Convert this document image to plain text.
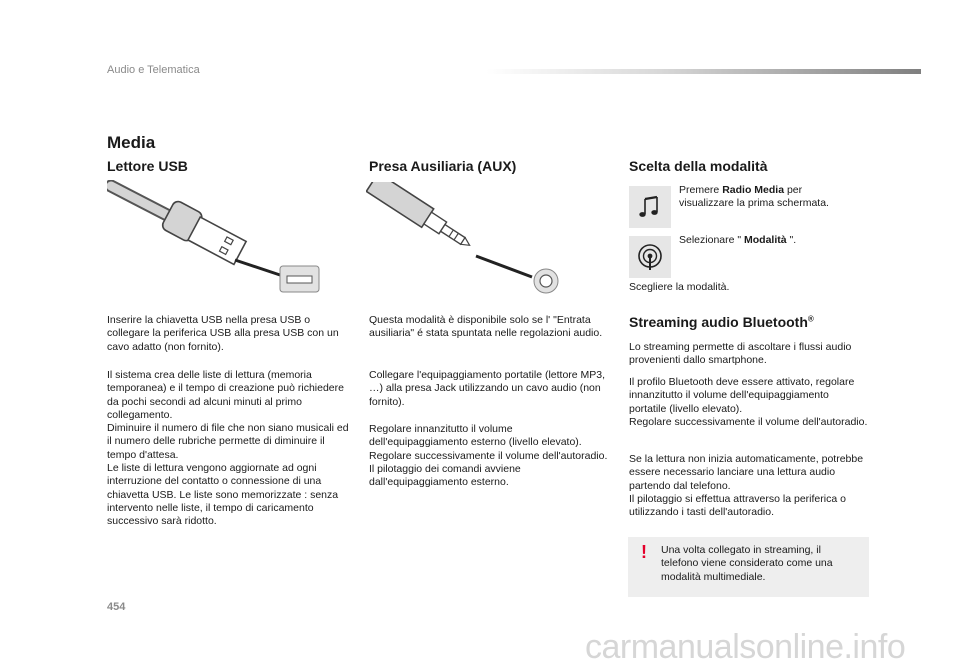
Audio e Telematica
Media
Lettore USB
Inserire la chiavetta USB nella presa USB o collegare la periferica USB alla presa USB con un cavo adatto (non fornito).
Il sistema crea delle liste di lettura (memoria temporanea) e il tempo di creazione può richiedere da pochi secondi ad alcuni minuti al primo collegamento.
Diminuire il numero di file che non siano musicali ed il numero delle rubriche permette di diminuire il tempo d'attesa.
Le liste di lettura vengono aggiornate ad ogni interruzione del contatto o connessione di una chiavetta USB. Le liste sono memorizzate : senza intervento nelle liste, il tempo di caricamento successivo sarà ridotto.
Presa Ausiliaria (AUX)
Questa modalità è disponibile solo se l' "Entrata ausiliaria" é stata spuntata nelle regolazioni audio.
Collegare l'equipaggiamento portatile (lettore MP3, …) alla presa Jack utilizzando un cavo audio (non fornito).
Regolare innanzitutto il volume dell'equipaggiamento esterno (livello elevato).
Regolare successivamente il volume dell'autoradio.
Il pilotaggio dei comandi avviene dall'equipaggiamento esterno.
Scelta della modalità
Premere Radio Media per visualizzare la prima schermata.
Selezionare " Modalità ".
Scegliere la modalità.
Streaming audio Bluetooth®
Lo streaming permette di ascoltare i flussi audio provenienti dallo smartphone.
Il profilo Bluetooth deve essere attivato, regolare innanzitutto il volume dell'equipaggiamento portatile (livello elevato).
Regolare successivamente il volume dell'autoradio.
Se la lettura non inizia automaticamente, potrebbe essere necessario lanciare una lettura audio partendo dal telefono.
Il pilotaggio si effettua attraverso la periferica o utilizzando i tasti dell'autoradio.
! Una volta collegato in streaming, il telefono viene considerato come una modalità multimediale.
454
carmanualsonline.info
